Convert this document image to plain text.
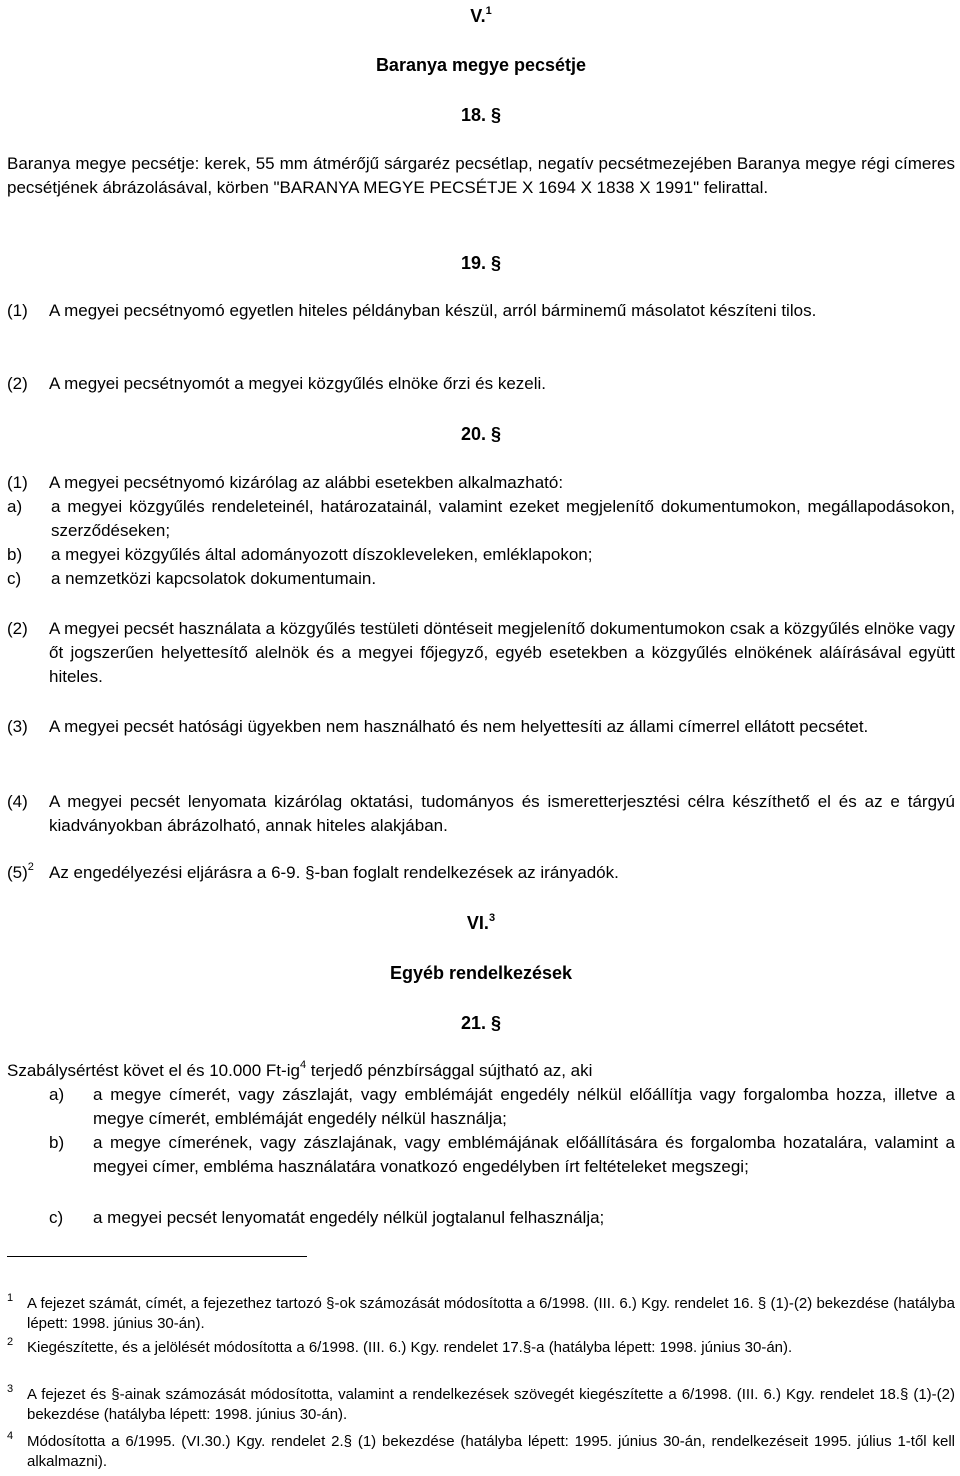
V.$^1$
Baranya megye pecsétje
18. §

Baranya megye pecsétje: kerek, 55 mm átmérőjű sárgaréz pecsétlap, negatív pecsétmezejében Baranya megye régi címeres pecsétjének ábrázolásával, körben "BARANYA MEGYE PECSÉTJE X 1694 X 1838 X 1991" felirattal.

19. §
(1) A megyei pecsétnyomó egyetlen hiteles példányban készül, arról bárminemű másolatot készíteni tilos.
(2) A megyei pecsétnyomót a megyei közgyűlés elnöke őrzi és kezeli.
20. §
(1) A megyei pecsétnyomó kizárólag az alábbi esetekben alkalmazható:
a) a megyei közgyűlés rendeleteinél, határozatainál, valamint ezeket megjelenítő dokumentumokon, megállapodásokon, szerződéseken;
b) a megyei közgyűlés által adományozott díszokleveleken, emléklapokon;
c) a nemzetközi kapcsolatok dokumentumain.
(2) A megyei pecsét használata a közgyűlés testületi döntéseit megjelenítő dokumentumokon csak a közgyűlés elnöke vagy őt jogszerűen helyettesítő alelnök és a megyei főjegyző, egyéb esetekben a közgyűlés elnökének aláírásával együtt hiteles.
(3) A megyei pecsét hatósági ügyekben nem használható és nem helyettesíti az állami címerrel ellátott pecsétet.
(4) A megyei pecsét lenyomata kizárólag oktatási, tudományos és ismeretterjesztési célra készíthető el és az e tárgyú kiadványokban ábrázolható, annak hiteles alakjában.
$(5)^2$ Az engedélyezési eljárásra a 6-9. §-ban foglalt rendelkezések az irányadók.
VI.$^3$
Egyéb rendelkezések
21. §

Szabálysértést követ el és 10.000 $Ft-ig^4$ terjedő pénzbírsággal sújtható az, aki

a) a megye címerét, vagy zászlaját, vagy emblémáját engedély nélkül előállítja vagy forgalomba hozza, illetve a megye címerét, emblémáját engedély nélkül használja;
b) a megye címerének, vagy zászlajának, vagy emblémájának előállítására és forgalomba hozatalára, valamint a megyei címer, embléma használatára vonatkozó engedélyben írt feltételeket megszegi;
c) a megyei pecsét lenyomatát engedély nélkül jogtalanul felhasználja;
1 A fejezet számát, címét, a fejezethez tartozó §-ok számozását módosította a 6/1998. (III. 6.) Kgy. rendelet 16. § (1)-(2) bekezdése (hatályba lépett: 1998. június 30-án).
2 Kiegészítette, és a jelölését módosította a 6/1998. (III. 6.) Kgy. rendelet 17.§-a (hatályba lépett: 1998. június 30-án).
3 A fejezet és §-ainak számozását módosította, valamint a rendelkezések szövegét kiegészítette a 6/1998. (III. 6.) Kgy. rendelet 18.§ (1)-(2) bekezdése (hatályba lépett: 1998. június 30-án).
4 Módosította a 6/1995. (VI.30.) Kgy. rendelet 2.§ (1) bekezdése (hatályba lépett: 1995. június 30-án, rendelkezéseit 1995. július 1-től kell alkalmazni).
